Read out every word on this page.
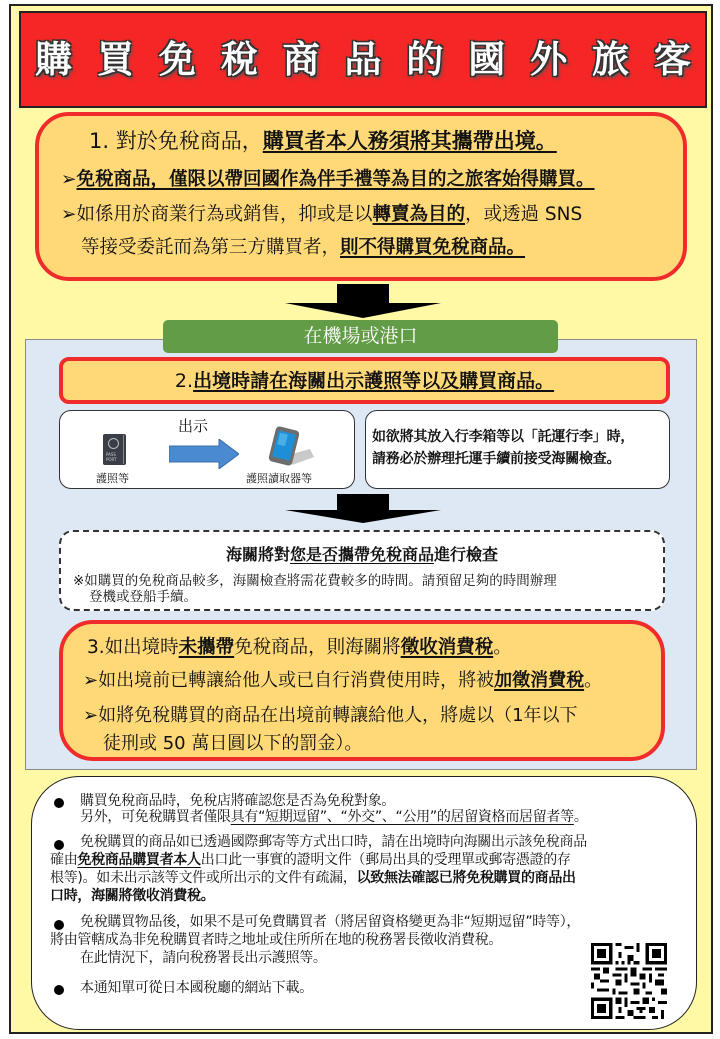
購 買 免 稅 商 品 的 國 外 旅 客
1. 對於免稅商品，購買者本人務須將其攜帶出境。
➢免稅商品，僅限以帶回國作為伴手禮等為目的之旅客始得購買。
➢如係用於商業行為或銷售，抑或是以轉賣為目的，或透過 SNS
等接受委託而為第三方購買者，則不得購買免稅商品。
在機場或港口
2.出境時請在海關出示護照等以及購買商品。
出示
PASS
PORT
護照等	護照讀取器等

如欲將其放入行李箱等以「託運行李」時，

請務必於辦理托運手續前接受海關檢查。

海關將對您是否攜帶免稅商品進行檢查
※如購買的免稅商品較多，海關檢查將需花費較多的時間。請預留足夠的時間辦理
登機或登船手續。
3.如出境時未攜帶免稅商品，則海關將徵收消費稅。
➢如出境前已轉讓給他人或已自行消費使用時，將被加徵消費稅。
➢如將免稅購買的商品在出境前轉讓給他人，將處以（1年以下
徒刑或 50 萬日圓以下的罰金）。
購買免稅商品時，免稅店將確認您是否為免稅對象。
另外，可免稅購買者僅限具有“短期逗留”、“外交”、“公用”的居留資格而居留者等。
免稅購買的商品如已透過國際郵寄等方式出口時，請在出境時向海關出示該免稅商品
確由免稅商品購買者本人出口此一事實的證明文件（郵局出具的受理單或郵寄憑證的存
根等)。如未出示該等文件或所出示的文件有疏漏，以致無法確認已將免稅購買的商品出
口時，海關將徵收消費稅。
免稅購買物品後，如果不是可免費購買者（將居留資格變更為非“短期逗留”時等），
將由管轄成為非免稅購買者時之地址或住所所在地的稅務署長徵收消費稅。
在此情況下，請向稅務署長出示護照等。
本通知單可從日本國稅廳的網站下載。
